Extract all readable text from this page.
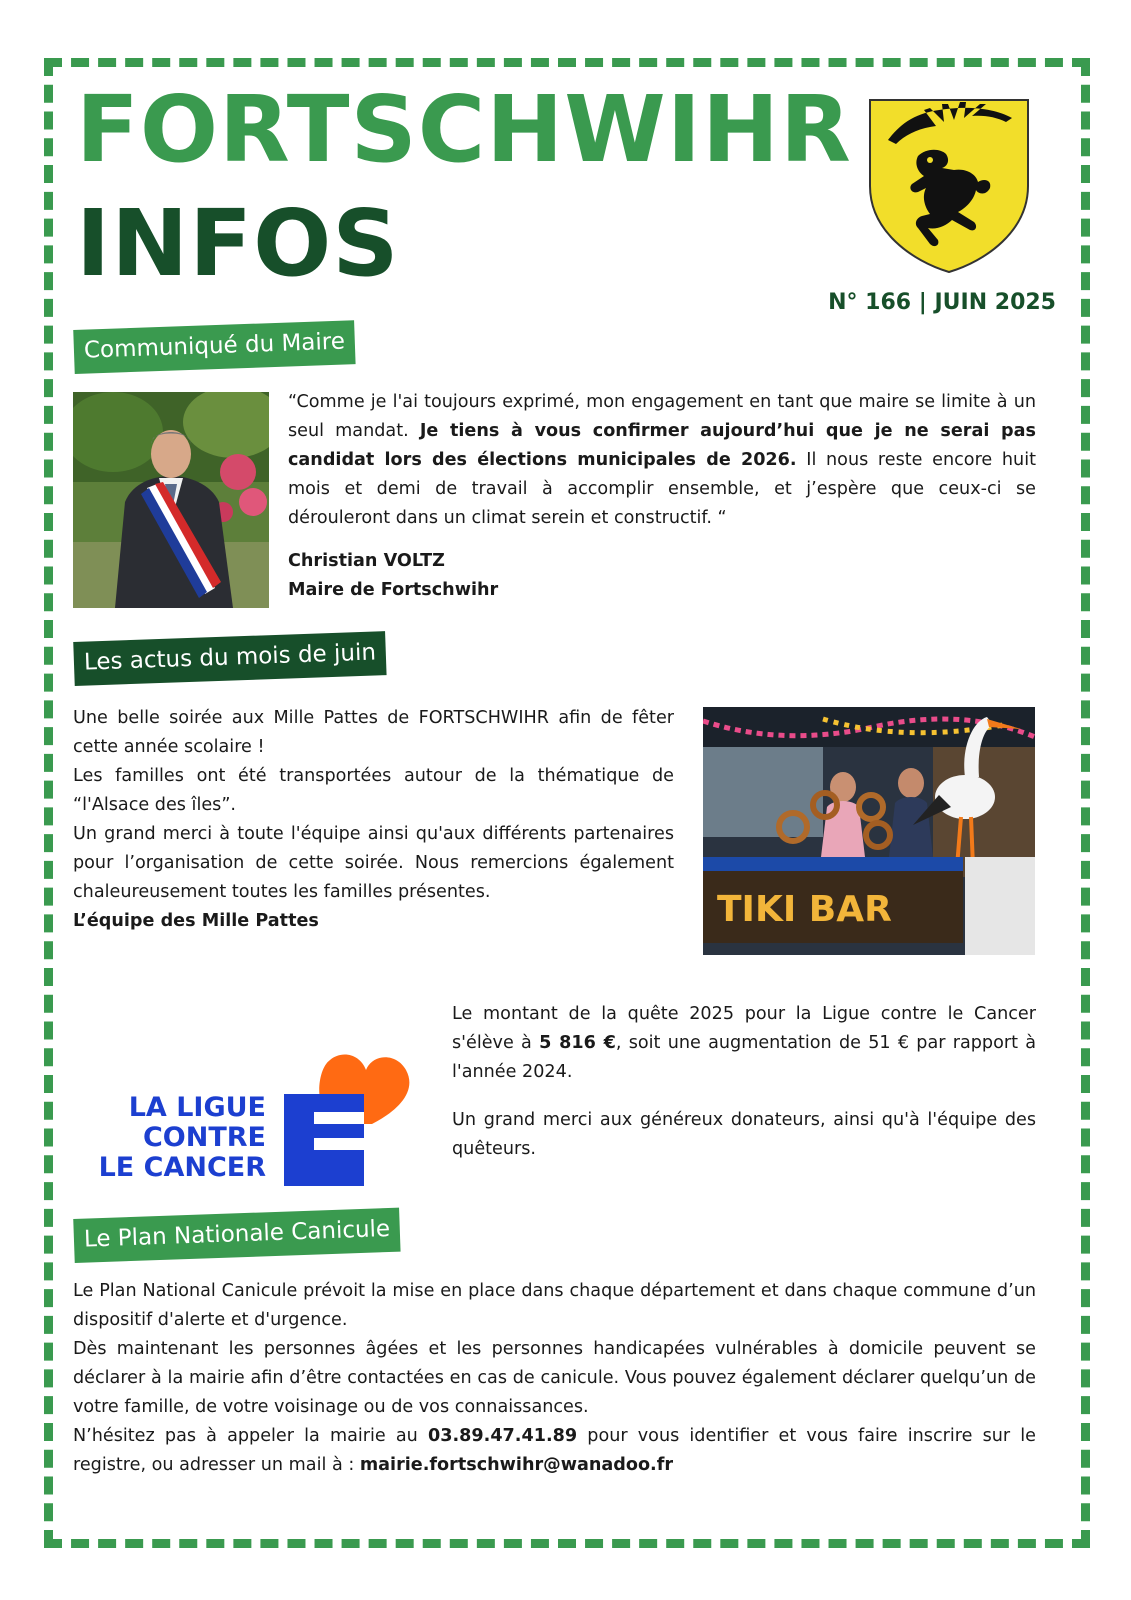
FORTSCHWIHR
INFOS
N° 166 | JUIN 2025
Communiqué du Maire

“Comme je l'ai toujours exprimé, mon engagement en tant que maire se limite à un seul mandat. Je tiens à vous confirmer aujourd’hui que je ne serai pas candidat lors des élections municipales de 2026. Il nous reste encore huit mois et demi de travail à accomplir ensemble, et j’espère que ceux-ci se dérouleront dans un climat serein et constructif. “

Christian VOLTZ
Maire de Fortschwihr
Les actus du mois de juin

Une belle soirée aux Mille Pattes de FORTSCHWIHR afin de fêter cette année scolaire !

Les familles ont été transportées autour de la thématique de “l'Alsace des îles”.

Un grand merci à toute l'équipe ainsi qu'aux différents partenaires pour l’organisation de cette soirée. Nous remercions également chaleureusement toutes les familles présentes.

L’équipe des Mille Pattes	TIKI BAR
LA LIGUE
CONTRE
LE CANCER

Le montant de la quête 2025 pour la Ligue contre le Cancer s'élève à 5 816 €, soit une augmentation de 51 € par rapport à l'année 2024.

Un grand merci aux généreux donateurs, ainsi qu'à l'équipe des quêteurs.

Le Plan Nationale Canicule

Le Plan National Canicule prévoit la mise en place dans chaque département et dans chaque commune d’un dispositif d'alerte et d'urgence.

Dès maintenant les personnes âgées et les personnes handicapées vulnérables à domicile peuvent se déclarer à la mairie afin d’être contactées en cas de canicule. Vous pouvez également déclarer quelqu’un de votre famille, de votre voisinage ou de vos connaissances.

N’hésitez pas à appeler la mairie au 03.89.47.41.89 pour vous identifier et vous faire inscrire sur le registre, ou adresser un mail à : mairie.fortschwihr@wanadoo.fr
